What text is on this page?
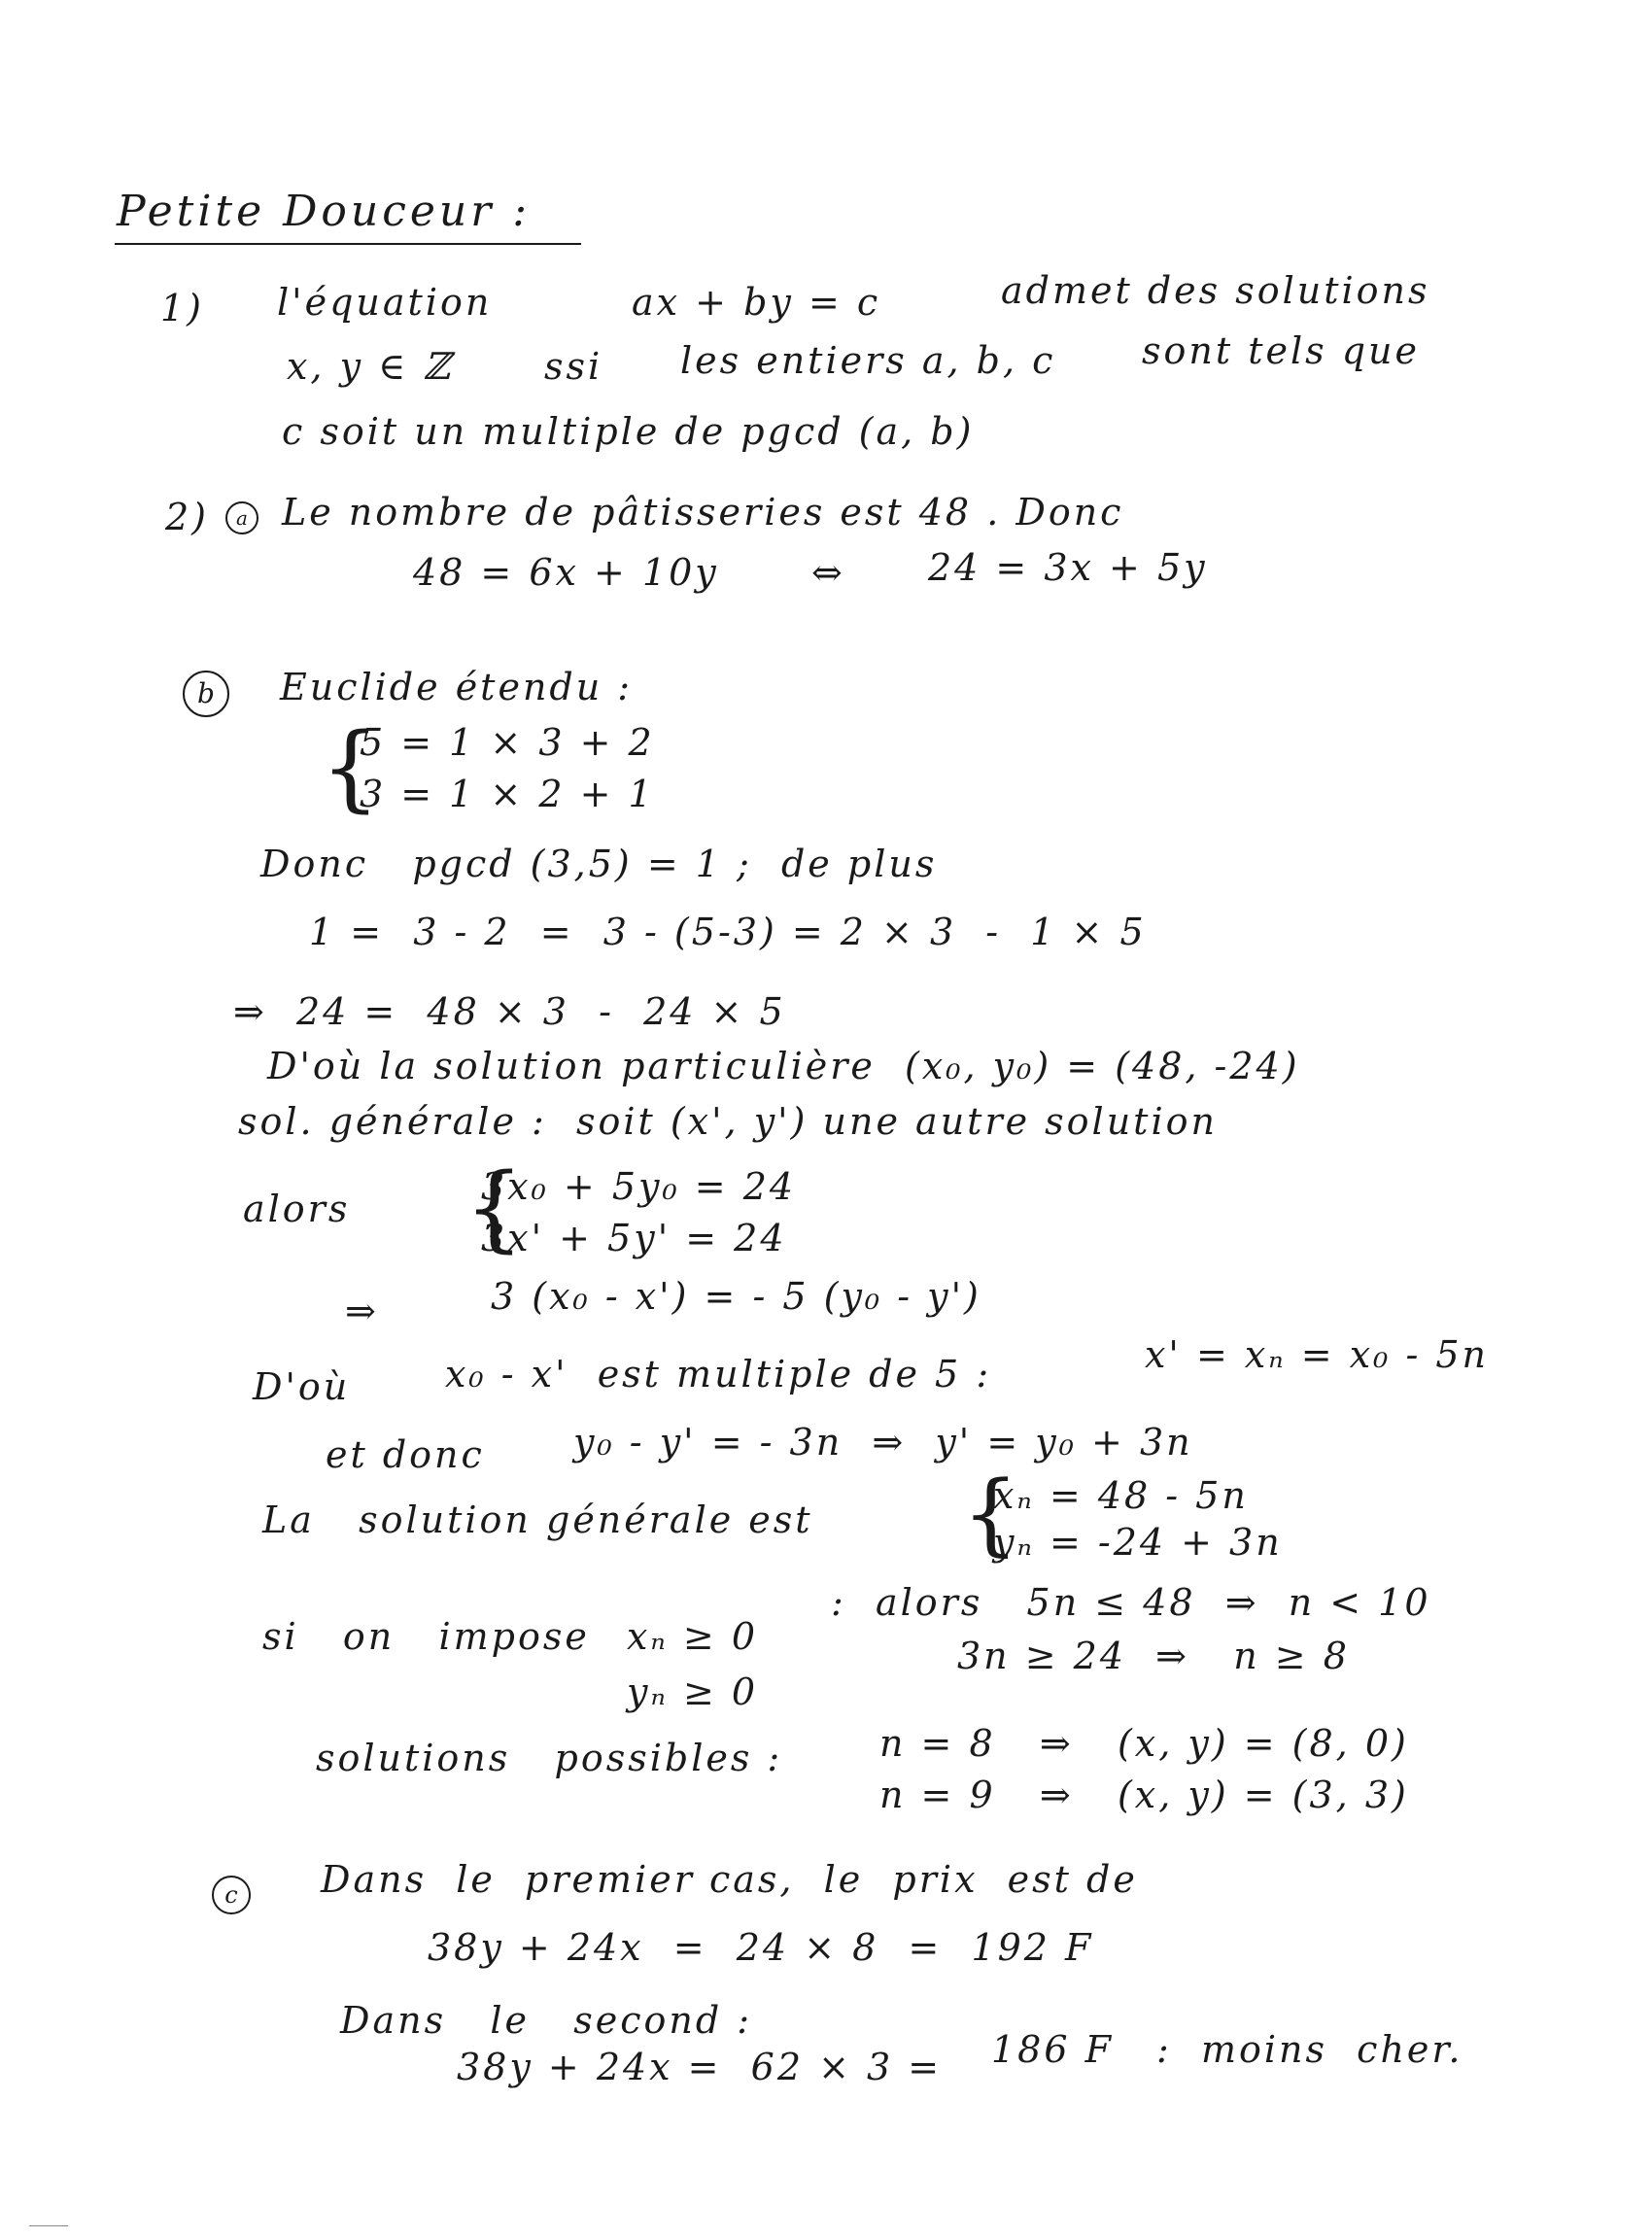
Petite Douceur :
1) l'équation	ax + by = c	admet des solutions
x, y ∈ ℤ ssi les entiers a, b, c sont tels que
c soit un multiple de pgcd (a, b)
2)	a Le nombre de pâtisseries est 48 . Donc
48 = 6x + 10y	⇔ 24 = 3x + 5y
b	Euclide étendu :
{
5 = 1 × 3 + 2
3 = 1 × 2 + 1
Donc   pgcd (3,5) = 1 ;  de plus
1 =  3 - 2  =  3 - (5-3) = 2 × 3  -  1 × 5
⇒  24 =  48 × 3  -  24 × 5
D'où la solution particulière  (x₀, y₀) = (48, -24)
sol. générale :  soit (x', y') une autre solution
alors {
3x₀ + 5y₀ = 24
3x' + 5y' = 24
⇒	3 (x₀ - x') = - 5 (y₀ - y')
D'où	x₀ - x'  est multiple de 5 :	x' = xₙ = x₀ - 5n
et donc y₀ - y' = - 3n  ⇒  y' = y₀ + 3n
La   solution générale est {
xₙ = 48 - 5n
yₙ = -24 + 3n
si   on   impose xₙ ≥ 0
yₙ ≥ 0
:  alors   5n ≤ 48  ⇒  n < 10
3n ≥ 24  ⇒   n ≥ 8
solutions   possibles :	n = 8   ⇒   (x, y) = (8, 0)
n = 9   ⇒   (x, y) = (3, 3)
c	Dans  le  premier cas,  le  prix  est de
38y + 24x  =  24 × 8  =  192 F
Dans   le   second :
38y + 24x =  62 × 3 = 186 F :  moins  cher.
